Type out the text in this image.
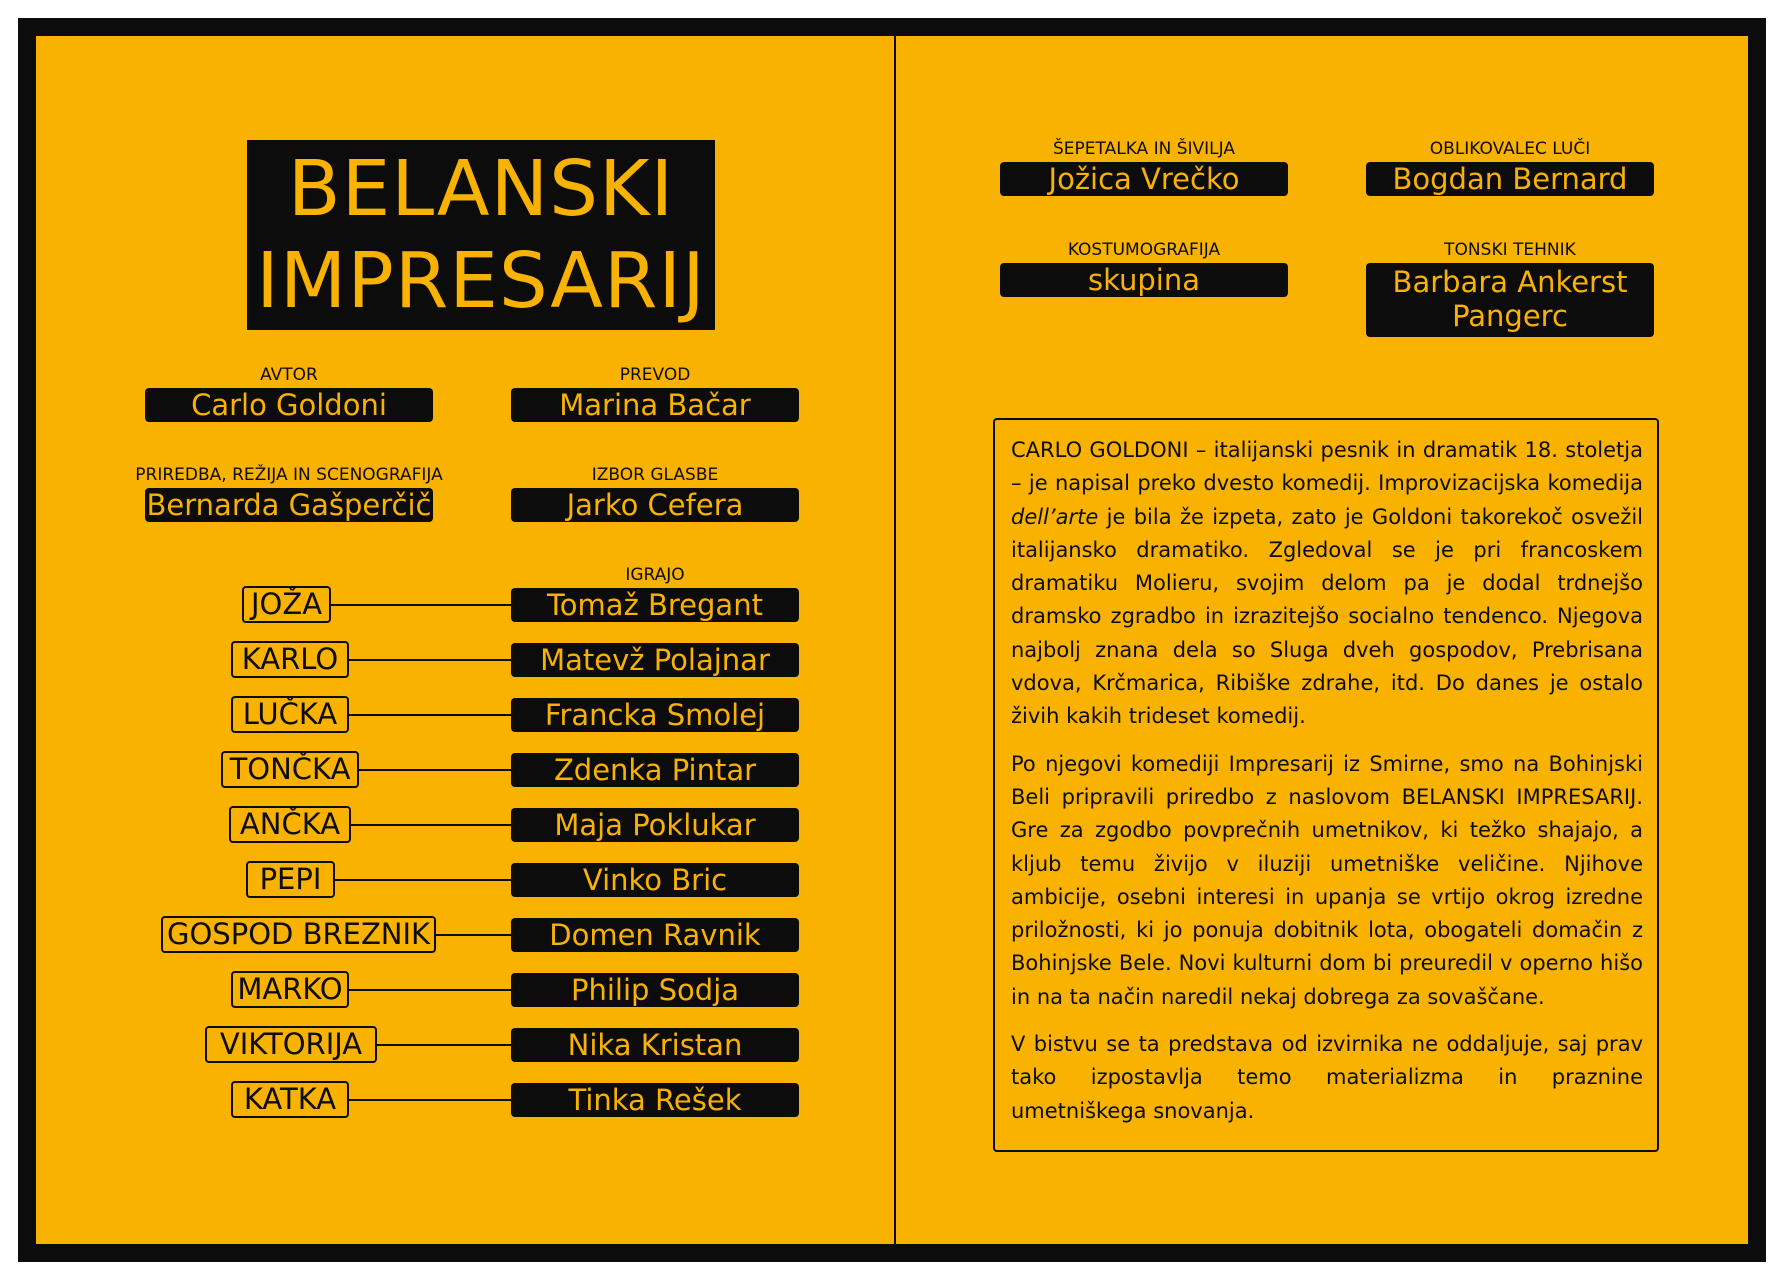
BELANSKI
IMPRESARIJ
AVTOR
Carlo Goldoni
PREVOD
Marina Bačar
PRIREDBA, REŽIJA IN SCENOGRAFIJA
Bernarda Gašperčič
IZBOR GLASBE
Jarko Cefera
IGRAJO
JOŽA	Tomaž Bregant
KARLO	Matevž Polajnar
LUČKA	Francka Smolej
TONČKA	Zdenka Pintar
ANČKA	Maja Poklukar
PEPI	Vinko Bric
GOSPOD BREZNIK	Domen Ravnik
MARKO	Philip Sodja
VIKTORIJA	Nika Kristan
KATKA	Tinka Rešek
ŠEPETALKA IN ŠIVILJA
Jožica Vrečko
OBLIKOVALEC LUČI
Bogdan Bernard
KOSTUMOGRAFIJA
skupina
TONSKI TEHNIK
Barbara Ankerst
Pangerc

CARLO GOLDONI – italijanski pesnik in dramatik 18. stoletja – je napisal preko dvesto komedij. Improvizacijska komedija dell’arte je bila že izpeta, zato je Goldoni takorekoč osvežil italijansko dramatiko. Zgledoval se je pri francoskem dramatiku Molieru, svojim delom pa je dodal trdnejšo dramsko zgradbo in izrazitejšo socialno tendenco. Njegova najbolj znana dela so Sluga dveh gospodov, Prebrisana vdova, Krčmarica, Ribiške zdrahe, itd. Do danes je ostalo živih kakih trideset komedij.

Po njegovi komediji Impresarij iz Smirne, smo na Bohinjski Beli pripravili priredbo z naslovom BELANSKI IMPRESARIJ. Gre za zgodbo povprečnih umetnikov, ki težko shajajo, a kljub temu živijo v iluziji umetniške veličine. Njihove ambicije, osebni interesi in upanja se vrtijo okrog izredne priložnosti, ki jo ponuja dobitnik lota, obogateli domačin z Bohinjske Bele. Novi kulturni dom bi preuredil v operno hišo in na ta način naredil nekaj dobrega za sovaščane.

V bistvu se ta predstava od izvirnika ne oddaljuje, saj prav tako izpostavlja temo materializma in praznine umetniškega snovanja.
